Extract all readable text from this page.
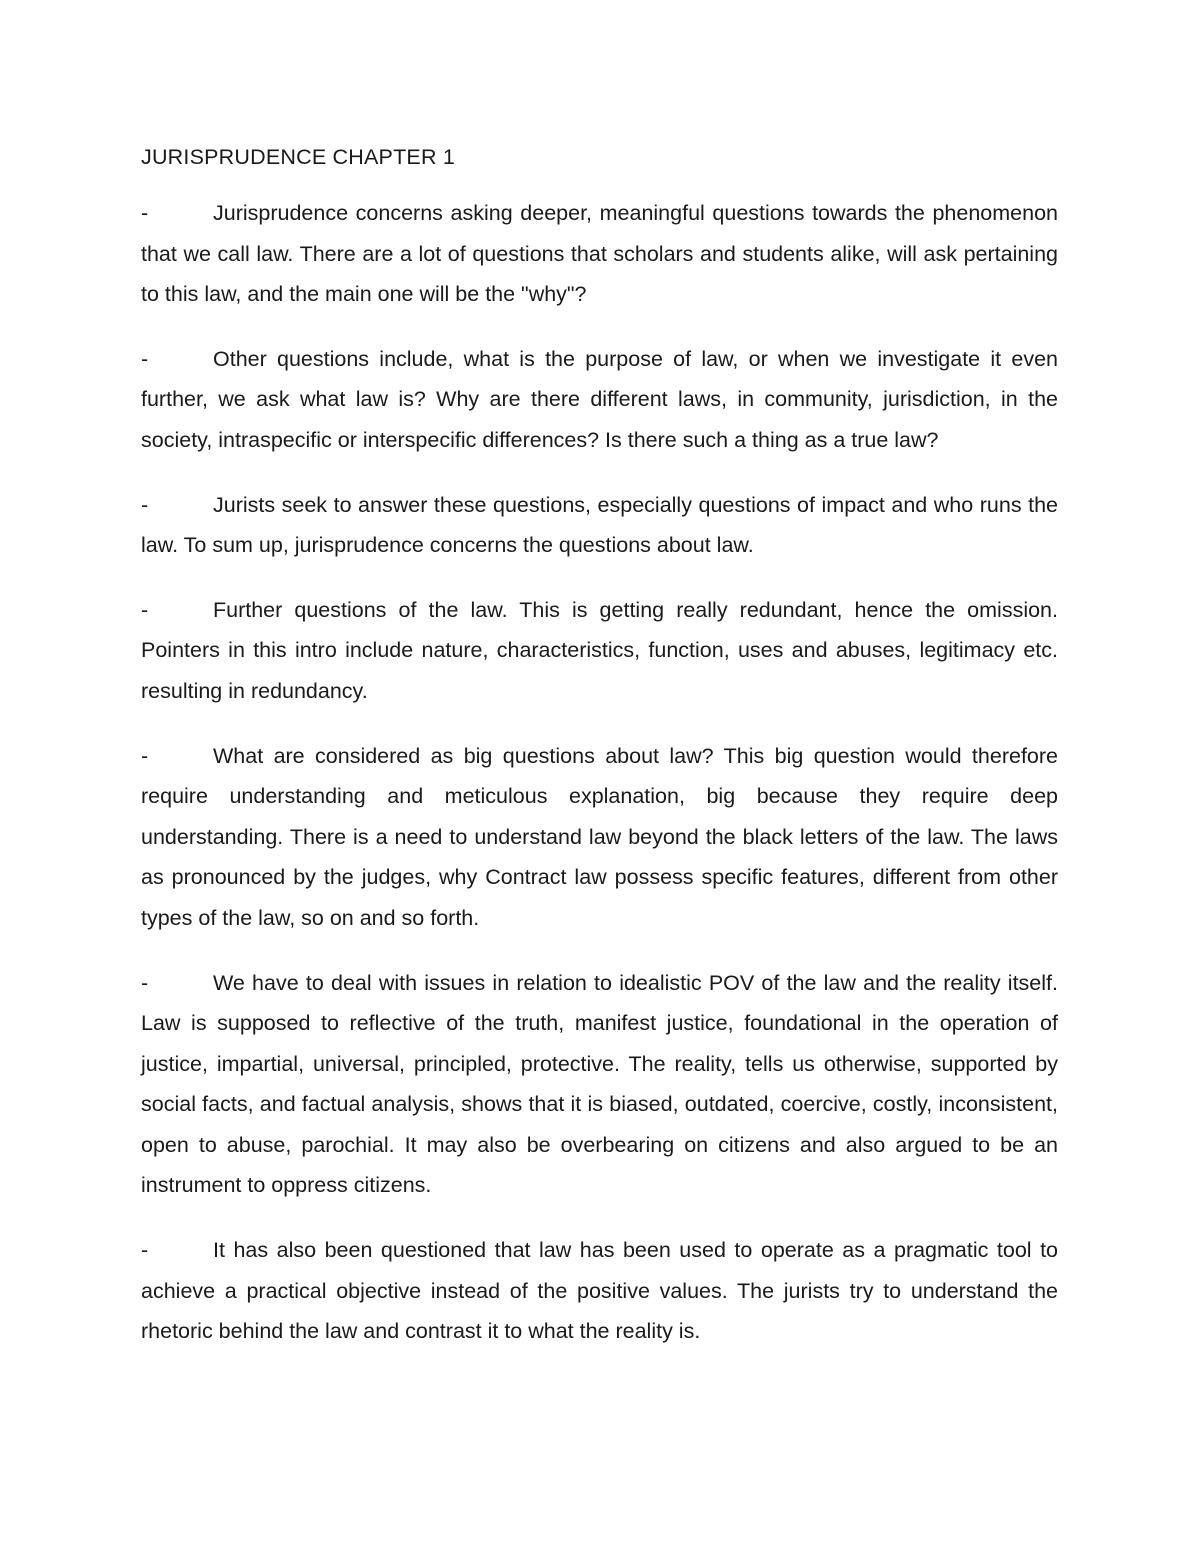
JURISPRUDENCE CHAPTER 1

-	Jurisprudence concerns asking deeper, meaningful questions towards the phenomenon that we call law. There are a lot of questions that scholars and students alike, will ask pertaining to this law, and the main one will be the "why"?

-	Other questions include, what is the purpose of law, or when we investigate it even further, we ask what law is? Why are there different laws, in community, jurisdiction, in the society, intraspecific or interspecific differences? Is there such a thing as a true law?

-	Jurists seek to answer these questions, especially questions of impact and who runs the law. To sum up, jurisprudence concerns the questions about law.

-	Further questions of the law. This is getting really redundant, hence the omission. Pointers in this intro include nature, characteristics, function, uses and abuses, legitimacy etc. resulting in redundancy.

-	What are considered as big questions about law? This big question would therefore require understanding and meticulous explanation, big because they require deep understanding. There is a need to understand law beyond the black letters of the law. The laws as pronounced by the judges, why Contract law possess specific features, different from other types of the law, so on and so forth.

-	We have to deal with issues in relation to idealistic POV of the law and the reality itself. Law is supposed to reflective of the truth, manifest justice, foundational in the operation of justice, impartial, universal, principled, protective. The reality, tells us otherwise, supported by social facts, and factual analysis, shows that it is biased, outdated, coercive, costly, inconsistent, open to abuse, parochial. It may also be overbearing on citizens and also argued to be an instrument to oppress citizens.

-	It has also been questioned that law has been used to operate as a pragmatic tool to achieve a practical objective instead of the positive values. The jurists try to understand the rhetoric behind the law and contrast it to what the reality is.
